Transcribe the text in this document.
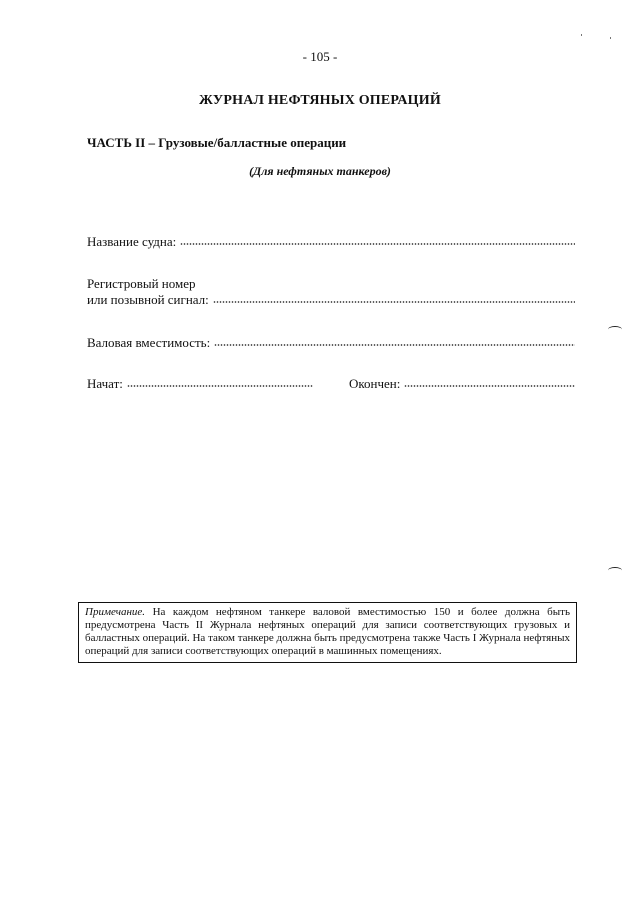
- 105 -
ЖУРНАЛ НЕФТЯНЫХ ОПЕРАЦИЙ
ЧАСТЬ II – Грузовые/балластные операции
(Для нефтяных танкеров)
Название судна:
Регистровый номер
или позывной сигнал:
Валовая вместимость:
Начат:	Окончен:
Примечание. На каждом нефтяном танкере валовой вместимостью 150 и более должна быть предусмотрена Часть II Журнала нефтяных операций для записи соответствующих грузовых и балластных операций. На таком танкере должна быть предусмотрена также Часть I Журнала нефтяных операций для записи соответствующих операций в машинных помещениях.
